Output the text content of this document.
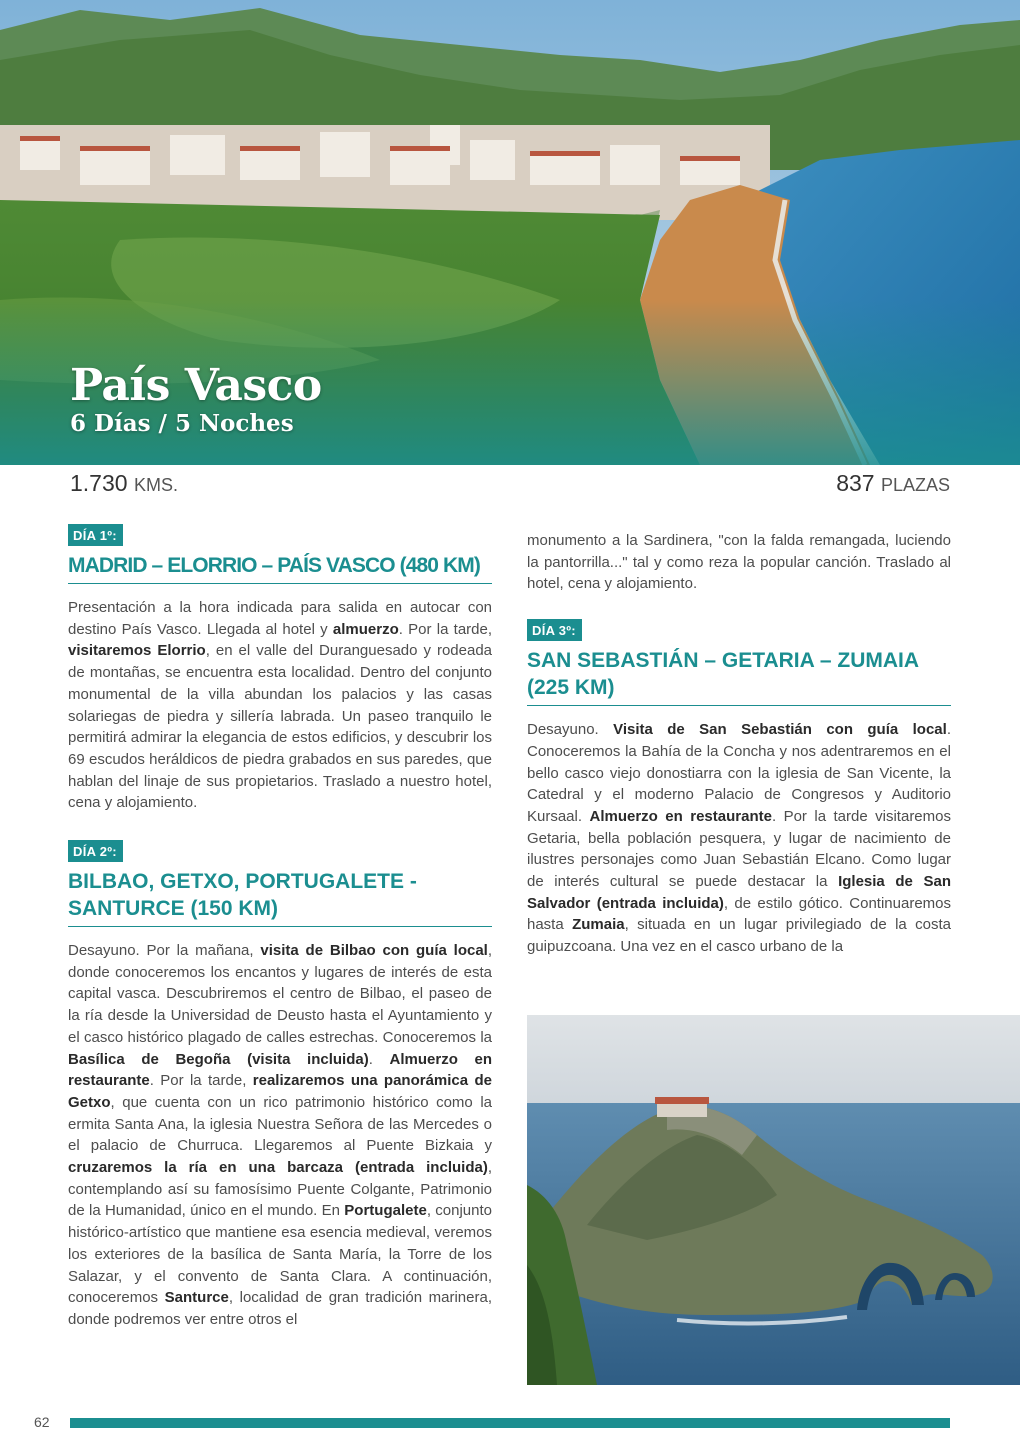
País Vasco
6 Días / 5 Noches
1.730 KMS.	837 PLAZAS
DÍA 1º:
MADRID – ELORRIO – PAÍS VASCO (480 KM)

Presentación a la hora indicada para salida en autocar con destino País Vasco. Llegada al hotel y almuerzo. Por la tarde, visitaremos Elorrio, en el valle del Duranguesado y rodeada de montañas, se encuentra esta localidad. Dentro del conjunto monumental de la villa abundan los palacios y las casas solariegas de piedra y sillería labrada. Un paseo tranquilo le permitirá admirar la elegancia de estos edificios, y descubrir los 69 escudos heráldicos de piedra grabados en sus paredes, que hablan del linaje de sus propietarios. Traslado a nuestro hotel, cena y alojamiento.

DÍA 2º:
BILBAO, GETXO, PORTUGALETE - SANTURCE (150 KM)

Desayuno. Por la mañana, visita de Bilbao con guía local, donde conoceremos los encantos y lugares de interés de esta capital vasca. Descubriremos el centro de Bilbao, el paseo de la ría desde la Universidad de Deusto hasta el Ayuntamiento y el casco histórico plagado de calles estrechas. Conoceremos la Basílica de Begoña (visita incluida). Almuerzo en restaurante. Por la tarde, realizaremos una panorámica de Getxo, que cuenta con un rico patrimonio histórico como la ermita Santa Ana, la iglesia Nuestra Señora de las Mercedes o el palacio de Churruca. Llegaremos al Puente Bizkaia y cruzaremos la ría en una barcaza (entrada incluida), contemplando así su famosísimo Puente Colgante, Patrimonio de la Humanidad, único en el mundo. En Portugalete, conjunto histórico-artístico que mantiene esa esencia medieval, veremos los exteriores de la basílica de Santa María, la Torre de los Salazar, y el convento de Santa Clara. A continuación, conoceremos Santurce, localidad de gran tradición marinera, donde podremos ver entre otros el

monumento a la Sardinera, "con la falda remangada, luciendo la pantorrilla..." tal y como reza la popular canción. Traslado al hotel, cena y alojamiento.

DÍA 3º:
SAN SEBASTIÁN – GETARIA – ZUMAIA (225 KM)

Desayuno. Visita de San Sebastián con guía local. Conoceremos la Bahía de la Concha y nos adentraremos en el bello casco viejo donostiarra con la iglesia de San Vicente, la Catedral y el moderno Palacio de Congresos y Auditorio Kursaal. Almuerzo en restaurante. Por la tarde visitaremos Getaria, bella población pesquera, y lugar de nacimiento de ilustres personajes como Juan Sebastián Elcano. Como lugar de interés cultural se puede destacar la Iglesia de San Salvador (entrada incluida), de estilo gótico. Continuaremos hasta Zumaia, situada en un lugar privilegiado de la costa guipuzcoana. Una vez en el casco urbano de la

62
